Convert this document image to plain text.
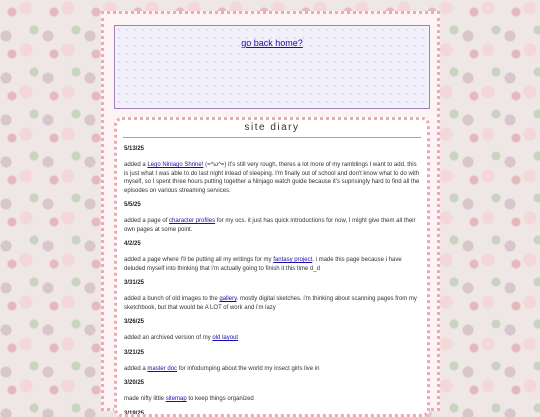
go back home?
site diary
5/13/25
added a Lego Niniago Shrine! (=^ω^=) it's still very rough, theres a lot more of my ramblings I want to add. this is just what I was able to do last night intead of sleeping. I'm finally out of school and don't know what to do with myself, so I spent three hours putting together a Ninjago watch guide because it's suprisingly hard to find all the episodes on various streaming services.
5/5/25
added a page of character profiles for my ocs. it just has quick introductions for now, I might give them all their own pages at some point.
4/2/25
added a page where I'll be putting all my writings for my fantasy project. i made this page because i have deluded myself into thinking that i'm actually going to finish it this time d_d
3/31/25
added a bunch of old images to the gallery. mostly digital sketches. i'm thinking about scanning pages from my sketchbook, but that would be A LOT of work and i'm lazy
3/26/25
added an archived version of my old layout
3/21/25
added a master doc for infodumping about the world my insect girls live in
3/20/25
made nifty little sitemap to keep things organized
3/19/25
